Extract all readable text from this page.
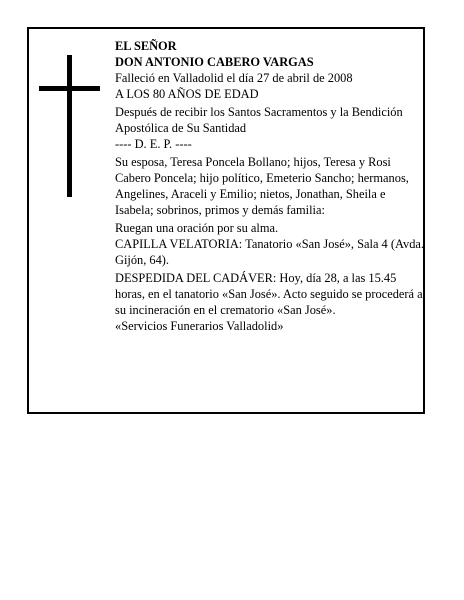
EL SEÑOR

DON ANTONIO CABERO VARGAS

Falleció en Valladolid el día 27 de abril de 2008

A LOS 80 AÑOS DE EDAD

Después de recibir los Santos Sacramentos y la Bendición Apostólica de Su Santidad

---- D. E. P. ----

Su esposa, Teresa Poncela Bollano; hijos, Teresa y Rosi Cabero Poncela; hijo político, Emeterio Sancho; hermanos, Angelines, Araceli y Emilio; nietos, Jonathan, Sheila e Isabela; sobrinos, primos y demás familia:

Ruegan una oración por su alma.

CAPILLA VELATORIA: Tanatorio «San José», Sala 4 (Avda. Gijón, 64).

DESPEDIDA DEL CADÁVER: Hoy, día 28, a las 15.45 horas, en el tanatorio «San José». Acto seguido se procederá a su incineración en el crematorio «San José».

«Servicios Funerarios Valladolid»
